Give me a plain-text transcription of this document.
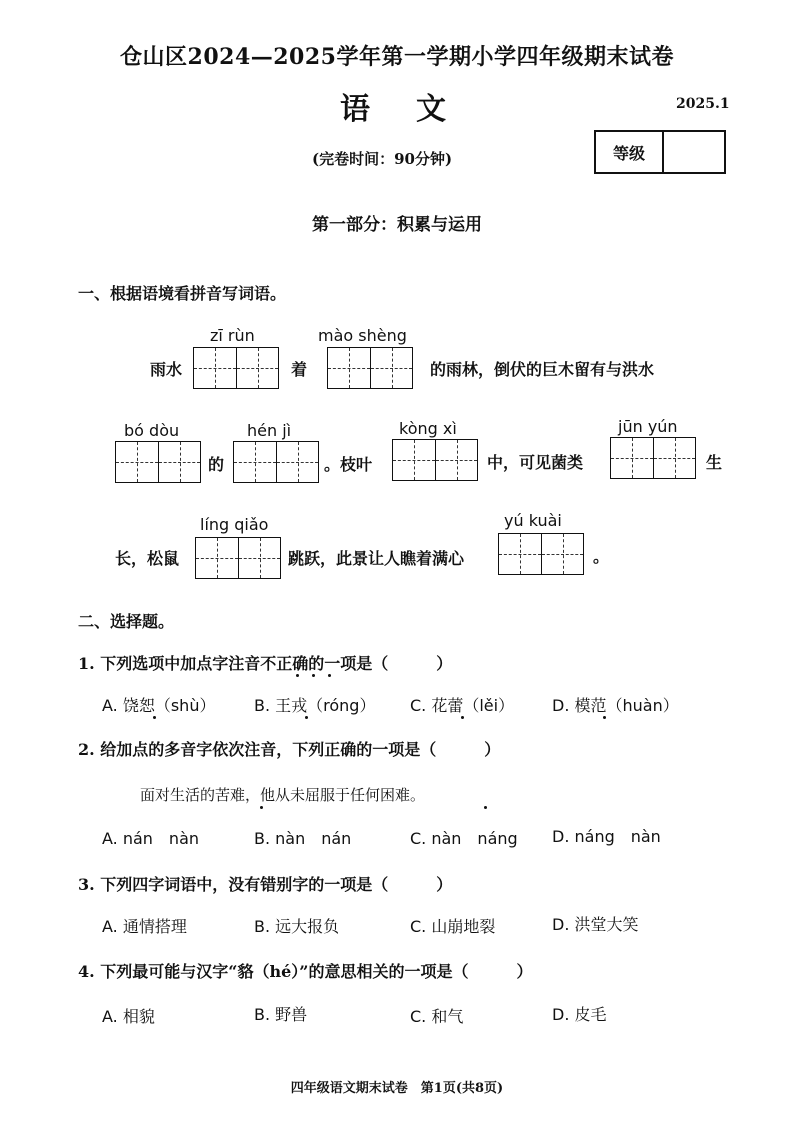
仓山区2024—2025学年第一学期小学四年级期末试卷
语文	2025.1
(完卷时间：90分钟)	等级
第一部分：积累与运用
一、根据语境看拼音写词语。
zī rùn	mào shèng
雨水	着	的雨林，倒伏的巨木留有与洪水
bó dòu	hén jì	kòng xì	jūn yún
的	。枝叶	中，可见菌类	生
líng qiǎo	yú kuài
长，松鼠	跳跃，此景让人瞧着满心	。
二、选择题。
1. 下列选项中加点字注音不正确的一项是（　　　）
A. 饶恕（shù） B. 王戎（róng） C. 花蕾（lěi） D. 模范（huàn）
2. 给加点的多音字依次注音，下列正确的一项是（　　　）
面对生活的苦难，他从未屈服于任何困难。
A. nán　nàn	B. nàn　nán	C. nàn　náng D. náng　nàn
3. 下列四字词语中，没有错别字的一项是（　　　）
A. 通情搭理	B. 远大报负	C. 山崩地裂	D. 洪堂大笑
4. 下列最可能与汉字“貉（hé）”的意思相关的一项是（　　　）
A. 相貌	B. 野兽	C. 和气	D. 皮毛
四年级语文期末试卷　第1页(共8页)
